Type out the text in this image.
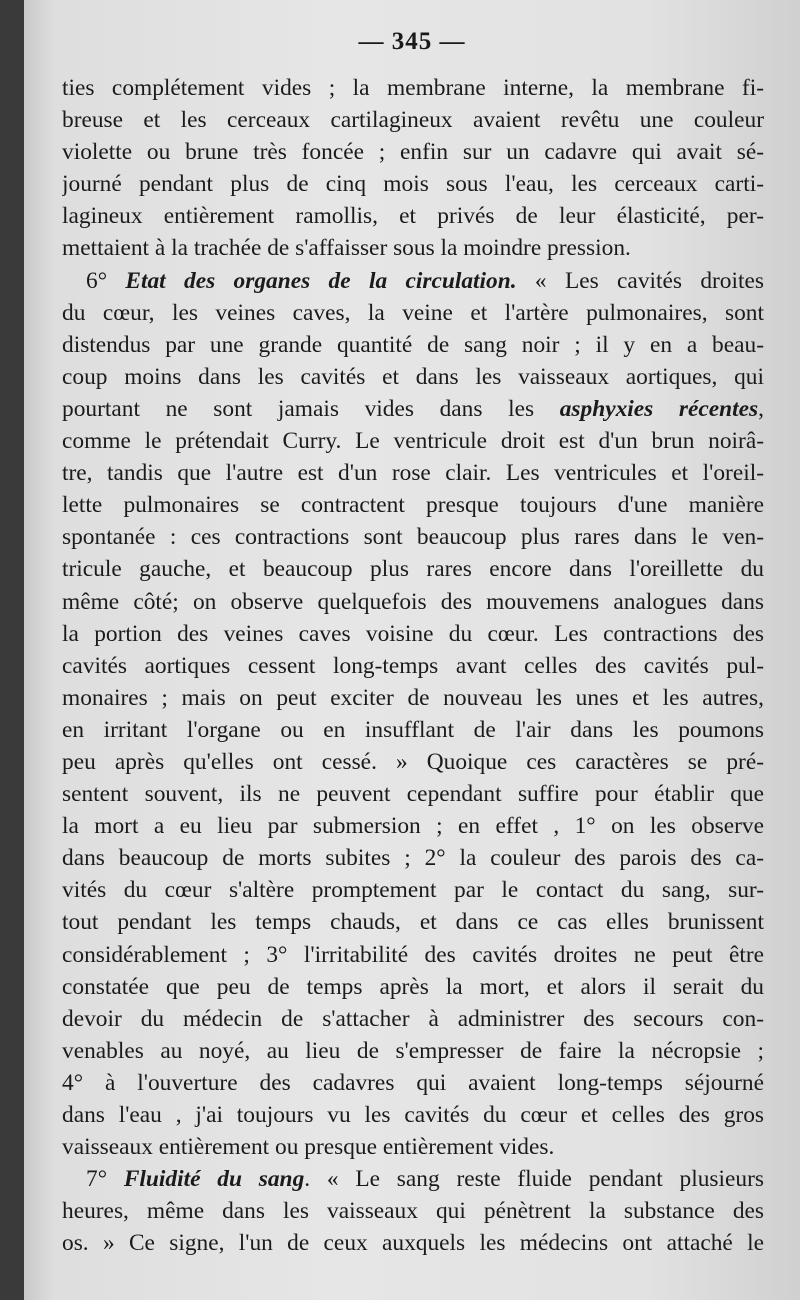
— 345 —
ties complétement vides ; la membrane interne, la membrane fi-
breuse et les cerceaux cartilagineux avaient revêtu une couleur
violette ou brune très foncée ; enfin sur un cadavre qui avait sé-
journé pendant plus de cinq mois sous l'eau, les cerceaux carti-
lagineux entièrement ramollis, et privés de leur élasticité, per-
mettaient à la trachée de s'affaisser sous la moindre pression.
6° Etat des organes de la circulation. « Les cavités droites
du cœur, les veines caves, la veine et l'artère pulmonaires, sont
distendus par une grande quantité de sang noir ; il y en a beau-
coup moins dans les cavités et dans les vaisseaux aortiques, qui
pourtant ne sont jamais vides dans les asphyxies récentes,
comme le prétendait Curry. Le ventricule droit est d'un brun noirâ-
tre, tandis que l'autre est d'un rose clair. Les ventricules et l'oreil-
lette pulmonaires se contractent presque toujours d'une manière
spontanée : ces contractions sont beaucoup plus rares dans le ven-
tricule gauche, et beaucoup plus rares encore dans l'oreillette du
même côté; on observe quelquefois des mouvemens analogues dans
la portion des veines caves voisine du cœur. Les contractions des
cavités aortiques cessent long-temps avant celles des cavités pul-
monaires ; mais on peut exciter de nouveau les unes et les autres,
en irritant l'organe ou en insufflant de l'air dans les poumons
peu après qu'elles ont cessé. » Quoique ces caractères se pré-
sentent souvent, ils ne peuvent cependant suffire pour établir que
la mort a eu lieu par submersion ; en effet , 1° on les observe
dans beaucoup de morts subites ; 2° la couleur des parois des ca-
vités du cœur s'altère promptement par le contact du sang, sur-
tout pendant les temps chauds, et dans ce cas elles brunissent
considérablement ; 3° l'irritabilité des cavités droites ne peut être
constatée que peu de temps après la mort, et alors il serait du
devoir du médecin de s'attacher à administrer des secours con-
venables au noyé, au lieu de s'empresser de faire la nécropsie ;
4° à l'ouverture des cadavres qui avaient long-temps séjourné
dans l'eau , j'ai toujours vu les cavités du cœur et celles des gros
vaisseaux entièrement ou presque entièrement vides.
7° Fluidité du sang. « Le sang reste fluide pendant plusieurs
heures, même dans les vaisseaux qui pénètrent la substance des
os. » Ce signe, l'un de ceux auxquels les médecins ont attaché le
